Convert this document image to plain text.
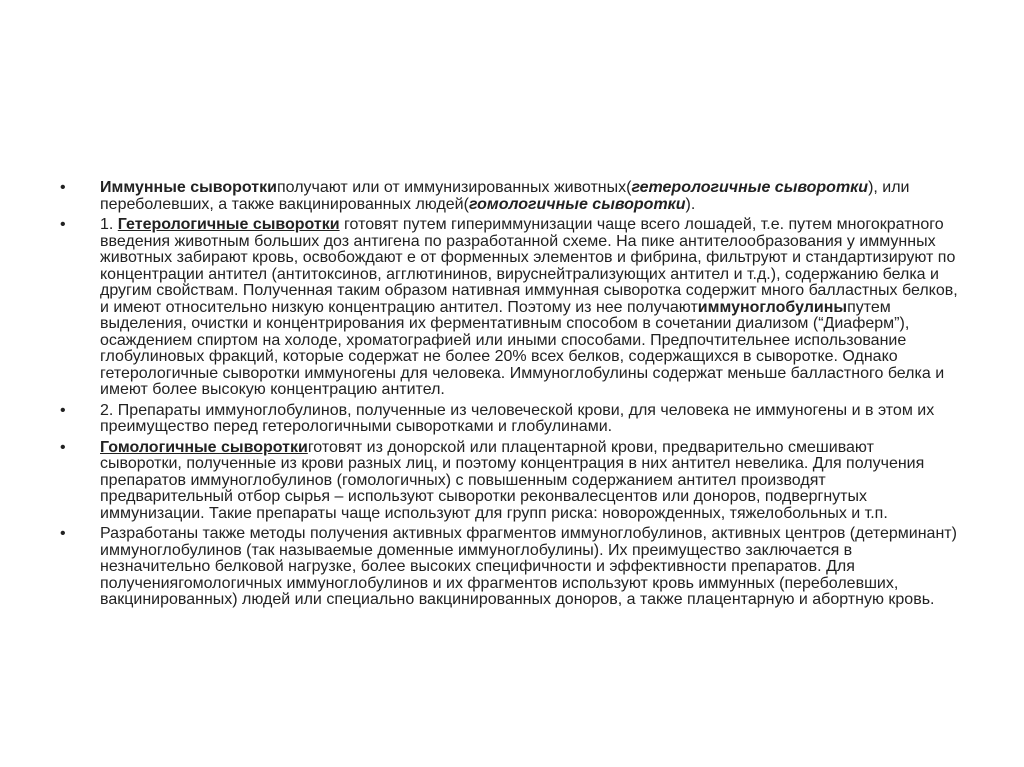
•	Иммунные сывороткиполучают или от иммунизированных животных(гетерологичные сыворотки), или переболевших, а также вакцинированных людей(гомологичные сыворотки).
•	1. Гетерологичные сыворотки готовят путем гипериммунизации чаще всего лошадей, т.е. путем многократного введения животным больших доз антигена по разработанной схеме. На пике антителообразования у иммунных животных забирают кровь, освобождают е от форменных элементов и фибрина, фильтруют и стандартизируют по концентрации антител (антитоксинов, агглютининов, вируснейтрализующих антител и т.д.), содержанию белка и другим свойствам. Полученная таким образом нативная иммунная сыворотка содержит много балластных белков, и имеют относительно низкую концентрацию антител. Поэтому из нее получаютиммуноглобулиныпутем выделения, очистки и концентрирования их ферментативным способом в сочетании диализом (“Диаферм”), осаждением спиртом на холоде, хроматографией или иными способами. Предпочтительнее использование глобулиновых фракций, которые содержат не более 20% всех белков, содержащихся в сыворотке. Однако гетерологичные сыворотки иммуногены для человека. Иммуноглобулины содержат меньше балластного белка и имеют более высокую концентрацию антител.
•	2. Препараты иммуноглобулинов, полученные из человеческой крови, для человека не иммуногены и в этом их преимущество перед гетерологичными сыворотками и глобулинами.
•	Гомологичные сывороткиготовят из донорской или плацентарной крови, предварительно смешивают сыворотки, полученные из крови разных лиц, и поэтому концентрация в них антител невелика. Для получения препаратов иммуноглобулинов (гомологичных) с повышенным содержанием антител производят предварительный отбор сырья – используют сыворотки реконвалесцентов или доноров, подвергнутых иммунизации. Такие препараты чаще используют для групп риска: новорожденных, тяжелобольных и т.п.
•	Разработаны также методы получения активных фрагментов иммуноглобулинов, активных центров (детерминант) иммуноглобулинов (так называемые доменные иммуноглобулины). Их преимущество заключается в незначительно белковой нагрузке, более высоких специфичности и эффективности препаратов. Для получениягомологичных иммуноглобулинов и их фрагментов используют кровь иммунных (переболевших, вакцинированных) людей или специально вакцинированных доноров, а также плацентарную и абортную кровь.
